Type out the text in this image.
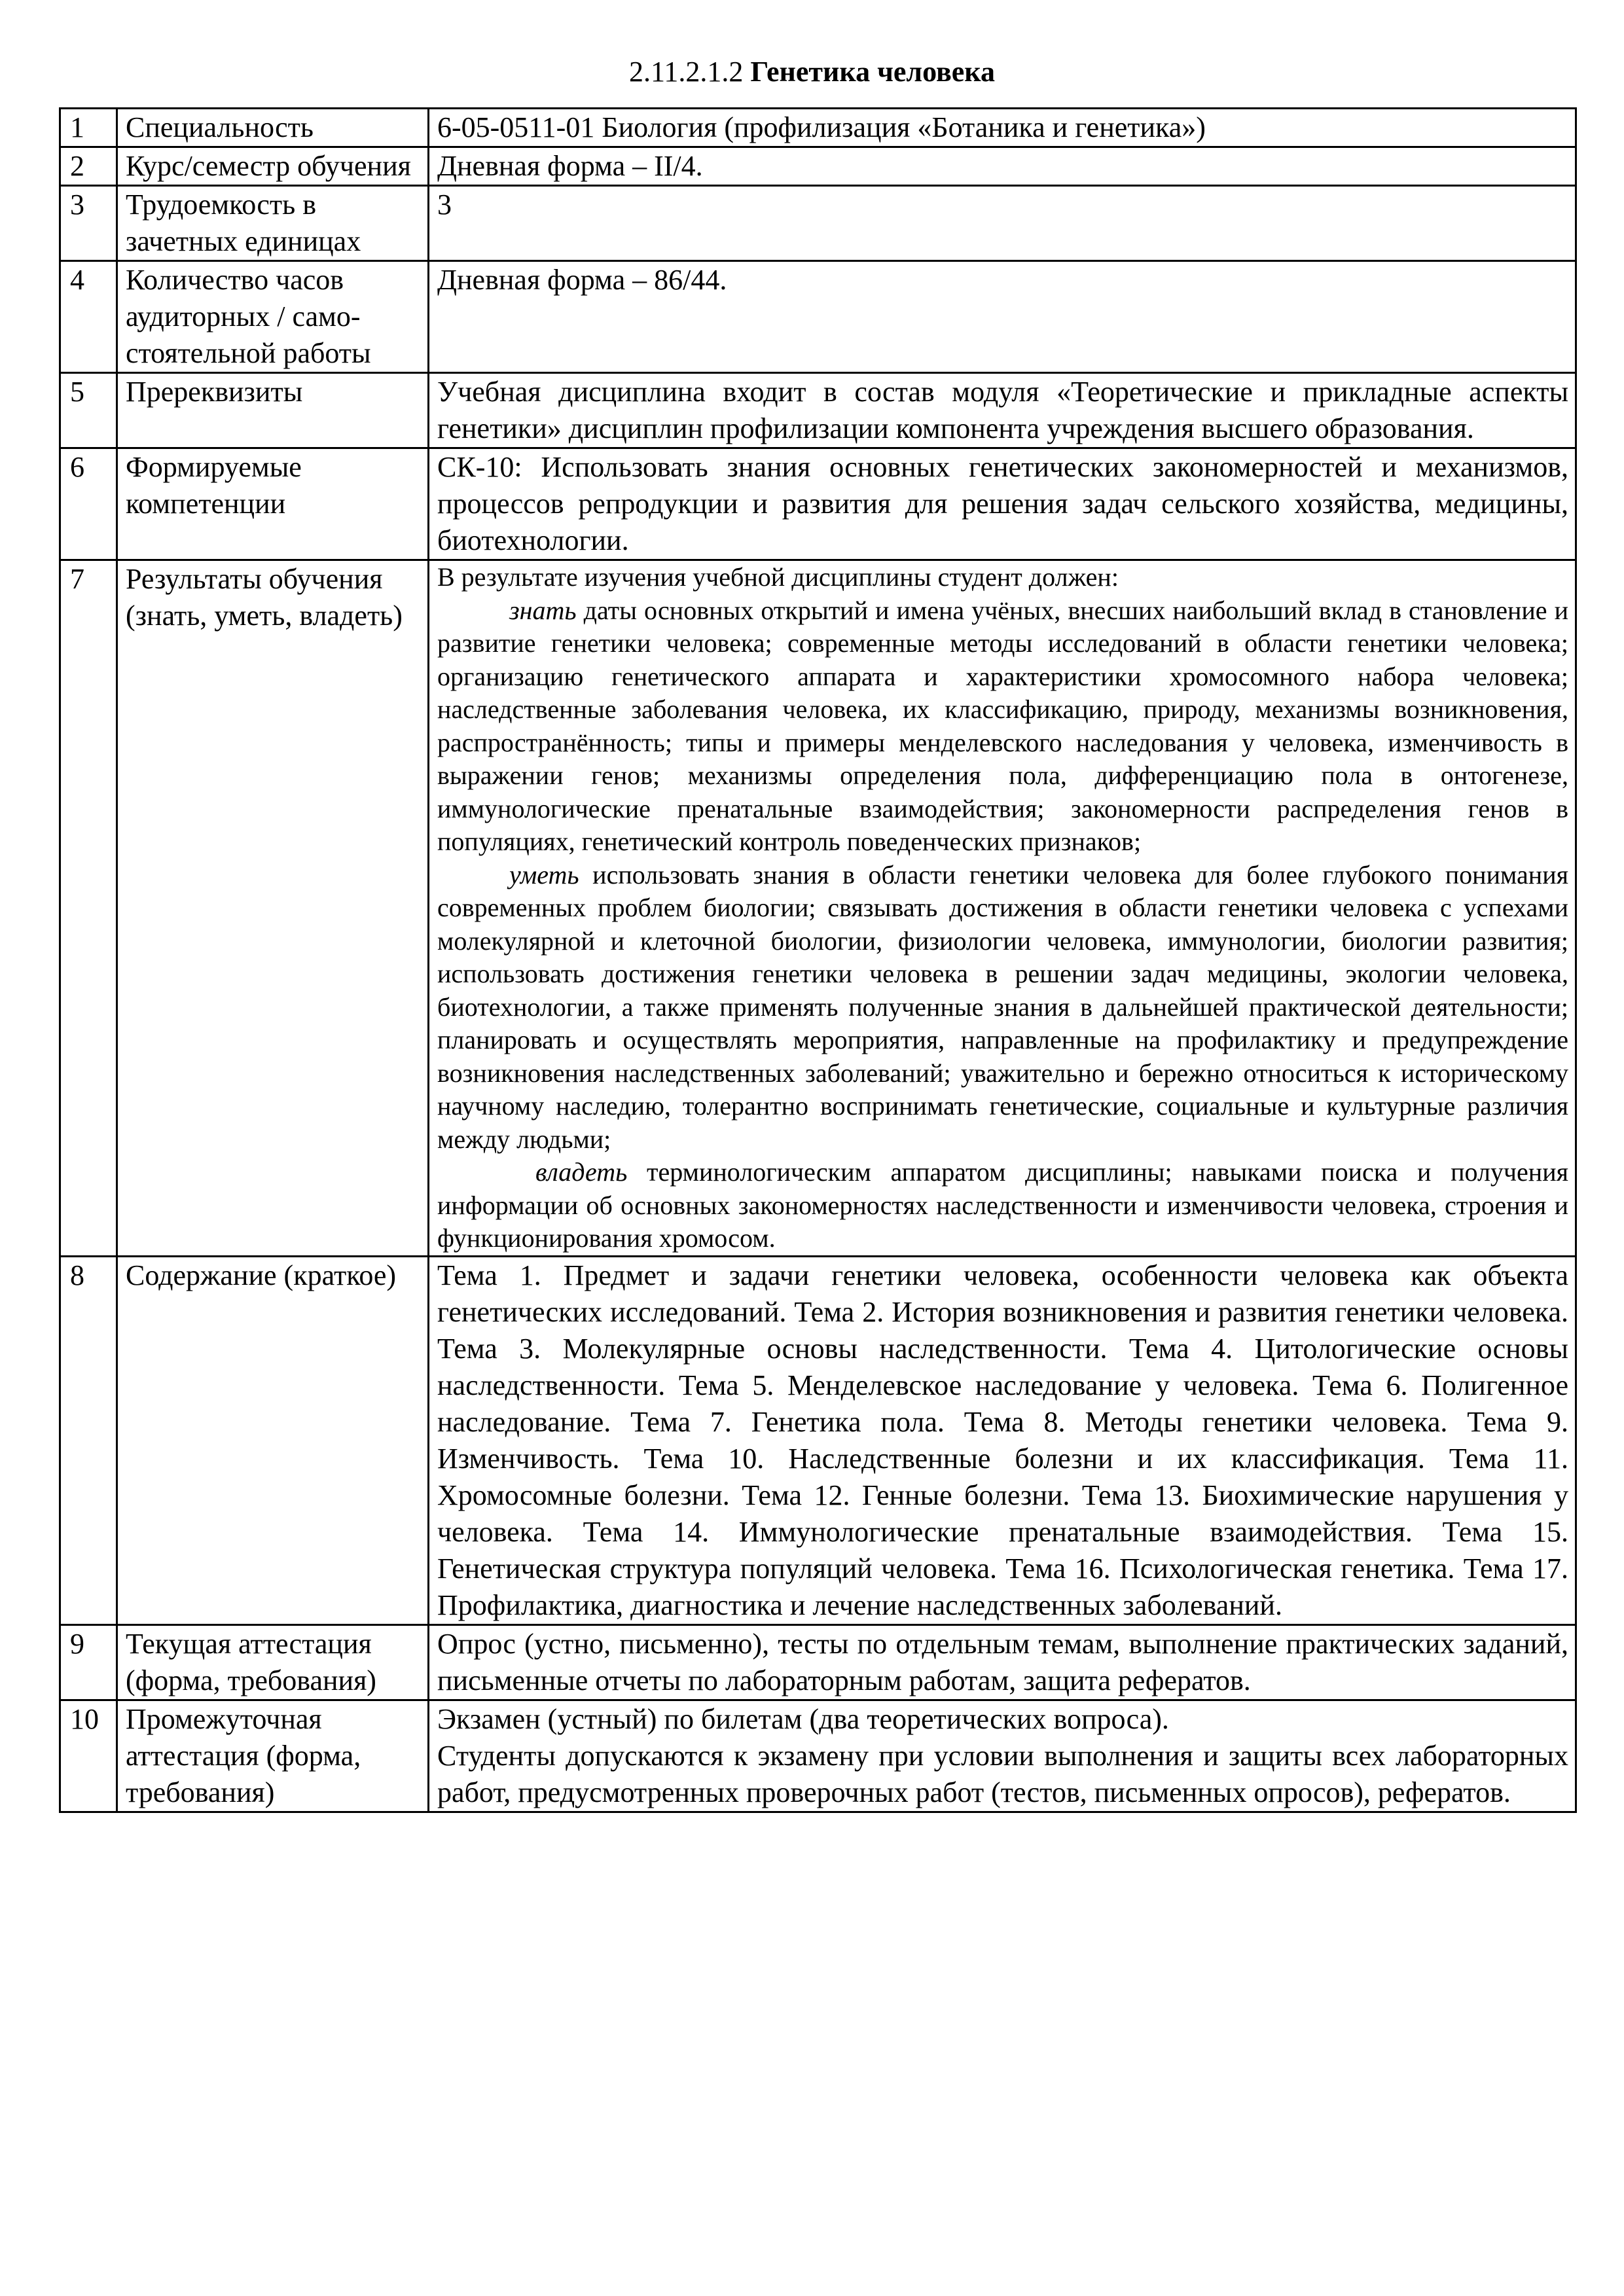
2.11.2.1.2 Генетика человека
1	Специальность	6-05-0511-01 Биология (профилизация «Ботаника и генетика»)
2	Курс/семестр обучения	Дневная форма – II/4.
3	Трудоемкость в зачетных единицах	3
4	Количество часов аудиторных / само-стоятельной работы	Дневная форма – 86/44.
5	Пререквизиты	Учебная дисциплина входит в состав модуля «Теоретические и прикладные аспекты генетики» дисциплин профилизации компонента учреждения высшего образования.
6	Формируемые компетенции	СК-10: Использовать знания основных генетических закономерностей и механизмов, процессов репродукции и развития для решения задач сельского хозяйства, медицины, биотехнологии.
7	Результаты обучения (знать, уметь, владеть)	В результате изучения учебной дисциплины студент должен:

знать даты основных открытий и имена учёных, внесших наибольший вклад в становление и развитие генетики человека; современные методы исследований в области генетики человека; организацию генетического аппарата и характеристики хромосомного набора человека; наследственные заболевания человека, их классификацию, природу, механизмы возникновения, распространённость; типы и примеры менделевского наследования у человека, изменчивость в выражении генов; механизмы определения пола, дифференциацию пола в онтогенезе, иммунологические пренатальные взаимодействия; закономерности распределения генов в популяциях, генетический контроль поведенческих признаков;

уметь использовать знания в области генетики человека для более глубокого понимания современных проблем биологии; связывать достижения в области генетики человека с успехами молекулярной и клеточной биологии, физиологии человека, иммунологии, биологии развития; использовать достижения генетики человека в решении задач медицины, экологии человека, биотехнологии, а также применять полученные знания в дальнейшей практической деятельности; планировать и осуществлять мероприятия, направленные на профилактику и предупреждение возникновения наследственных заболеваний; уважительно и бережно относиться к историческому научному наследию, толерантно воспринимать генетические, социальные и культурные различия между людьми;

владеть терминологическим аппаратом дисциплины; навыками поиска и получения информации об основных закономерностях наследственности и изменчивости человека, строения и функционирования хромосом.

8	Содержание (краткое)	Тема 1. Предмет и задачи генетики человека, особенности человека как объекта генетических исследований. Тема 2. История возникновения и развития генетики человека. Тема 3. Молекулярные основы наследственности. Тема 4. Цитологические основы наследственности. Тема 5. Менделевское наследование у человека. Тема 6. Полигенное наследование. Тема 7. Генетика пола. Тема 8. Методы генетики человека. Тема 9. Изменчивость. Тема 10. Наследственные болезни и их классификация. Тема 11. Хромосомные болезни. Тема 12. Генные болезни. Тема 13. Биохимические нарушения у человека. Тема 14. Иммунологические пренатальные взаимодействия. Тема 15. Генетическая структура популяций человека. Тема 16. Психологическая генетика. Тема 17. Профилактика, диагностика и лечение наследственных заболеваний.
9	Текущая аттестация (форма, требования)	Опрос (устно, письменно), тесты по отдельным темам, выполнение практических заданий, письменные отчеты по лабораторным работам, защита рефератов.
10	Промежуточная аттестация (форма, требования)	Экзамен (устный) по билетам (два теоретических вопроса).

Студенты допускаются к экзамену при условии выполнения и защиты всех лабораторных работ, предусмотренных проверочных работ (тестов, письменных опросов), рефератов.
